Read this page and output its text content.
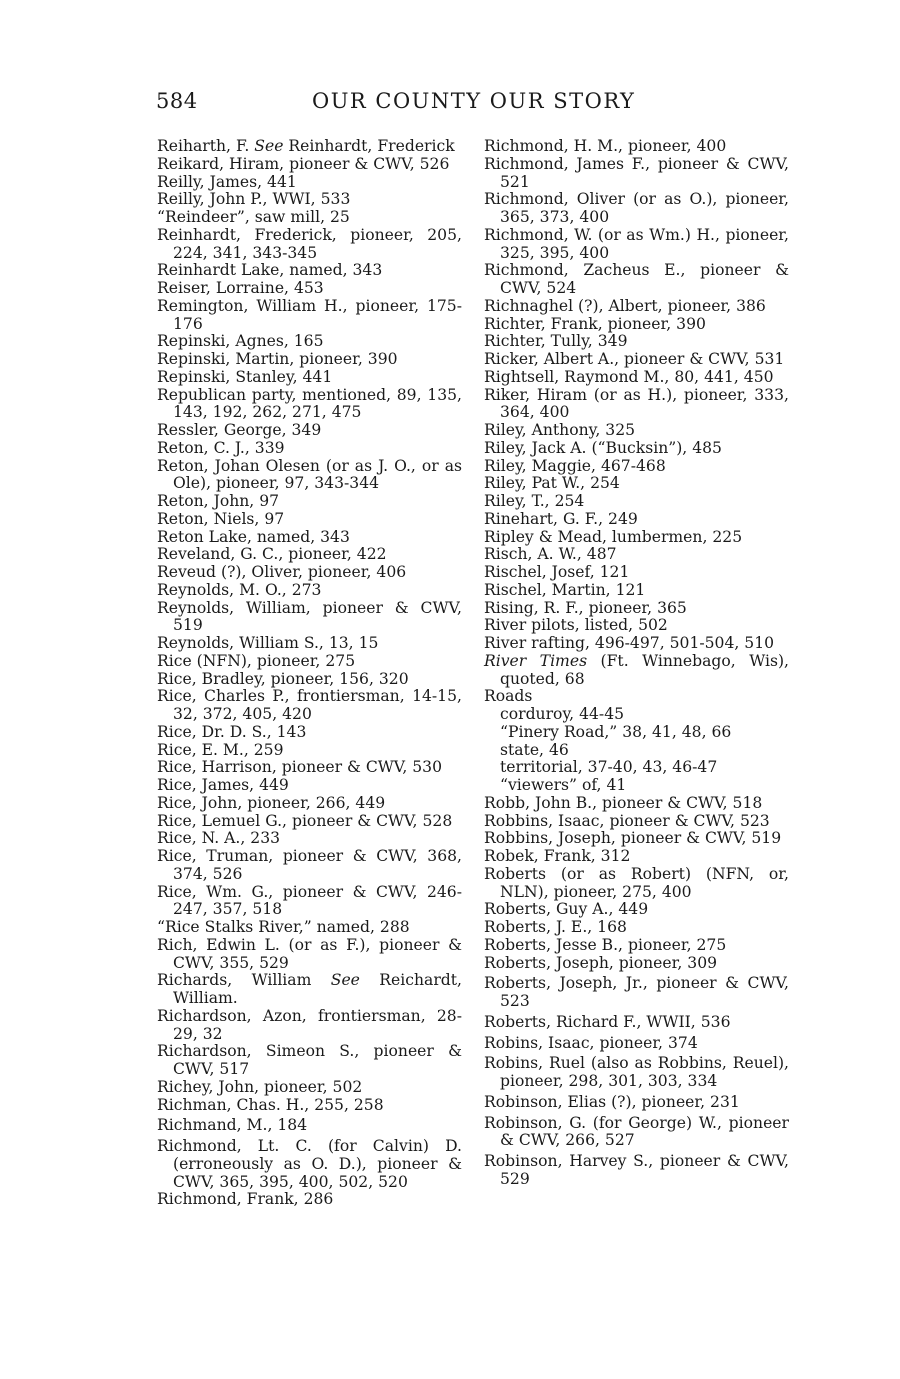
584	OUR COUNTY OUR STORY

Reiharth, F. See Reinhardt, Frederick

Reikard, Hiram, pioneer & CWV, 526

Reilly, James, 441

Reilly, John P., WWI, 533

“Reindeer”, saw mill, 25

Reinhardt, Frederick, pioneer, 205, 224, 341, 343-345

Reinhardt Lake, named, 343

Reiser, Lorraine, 453

Remington, William H., pioneer, 175-176

Repinski, Agnes, 165

Repinski, Martin, pioneer, 390

Repinski, Stanley, 441

Republican party, mentioned, 89, 135, 143, 192, 262, 271, 475

Ressler, George, 349

Reton, C. J., 339

Reton, Johan Olesen (or as J. O., or as Ole), pioneer, 97, 343-344

Reton, John, 97

Reton, Niels, 97

Reton Lake, named, 343

Reveland, G. C., pioneer, 422

Reveud (?), Oliver, pioneer, 406

Reynolds, M. O., 273

Reynolds, William, pioneer & CWV, 519

Reynolds, William S., 13, 15

Rice (NFN), pioneer, 275

Rice, Bradley, pioneer, 156, 320

Rice, Charles P., frontiersman, 14-15, 32, 372, 405, 420

Rice, Dr. D. S., 143

Rice, E. M., 259

Rice, Harrison, pioneer & CWV, 530

Rice, James, 449

Rice, John, pioneer, 266, 449

Rice, Lemuel G., pioneer & CWV, 528

Rice, N. A., 233

Rice, Truman, pioneer & CWV, 368, 374, 526

Rice, Wm. G., pioneer & CWV, 246-247, 357, 518

“Rice Stalks River,” named, 288

Rich, Edwin L. (or as F.), pioneer & CWV, 355, 529

Richards, William See Reichardt, William.

Richardson, Azon, frontiersman, 28-29, 32

Richardson, Simeon S., pioneer & CWV, 517

Richey, John, pioneer, 502

Richman, Chas. H., 255, 258

Richmand, M., 184

Richmond, Lt. C. (for Calvin) D. (erroneously as O. D.), pioneer & CWV, 365, 395, 400, 502, 520

Richmond, Frank, 286

Richmond, H. M., pioneer, 400

Richmond, James F., pioneer & CWV, 521

Richmond, Oliver (or as O.), pioneer, 365, 373, 400

Richmond, W. (or as Wm.) H., pioneer, 325, 395, 400

Richmond, Zacheus E., pioneer & CWV, 524

Richnaghel (?), Albert, pioneer, 386

Richter, Frank, pioneer, 390

Richter, Tully, 349

Ricker, Albert A., pioneer & CWV, 531

Rightsell, Raymond M., 80, 441, 450

Riker, Hiram (or as H.), pioneer, 333, 364, 400

Riley, Anthony, 325

Riley, Jack A. (“Bucksin”), 485

Riley, Maggie, 467-468

Riley, Pat W., 254

Riley, T., 254

Rinehart, G. F., 249

Ripley & Mead, lumbermen, 225

Risch, A. W., 487

Rischel, Josef, 121

Rischel, Martin, 121

Rising, R. F., pioneer, 365

River pilots, listed, 502

River rafting, 496-497, 501-504, 510

River Times (Ft. Winnebago, Wis), quoted, 68

Roads

corduroy, 44-45

“Pinery Road,” 38, 41, 48, 66

state, 46

territorial, 37-40, 43, 46-47

“viewers” of, 41

Robb, John B., pioneer & CWV, 518

Robbins, Isaac, pioneer & CWV, 523

Robbins, Joseph, pioneer & CWV, 519

Robek, Frank, 312

Roberts (or as Robert) (NFN, or, NLN), pioneer, 275, 400

Roberts, Guy A., 449

Roberts, J. E., 168

Roberts, Jesse B., pioneer, 275

Roberts, Joseph, pioneer, 309

Roberts, Joseph, Jr., pioneer & CWV, 523

Roberts, Richard F., WWII, 536

Robins, Isaac, pioneer, 374

Robins, Ruel (also as Robbins, Reuel), pioneer, 298, 301, 303, 334

Robinson, Elias (?), pioneer, 231

Robinson, G. (for George) W., pioneer & CWV, 266, 527

Robinson, Harvey S., pioneer & CWV, 529
